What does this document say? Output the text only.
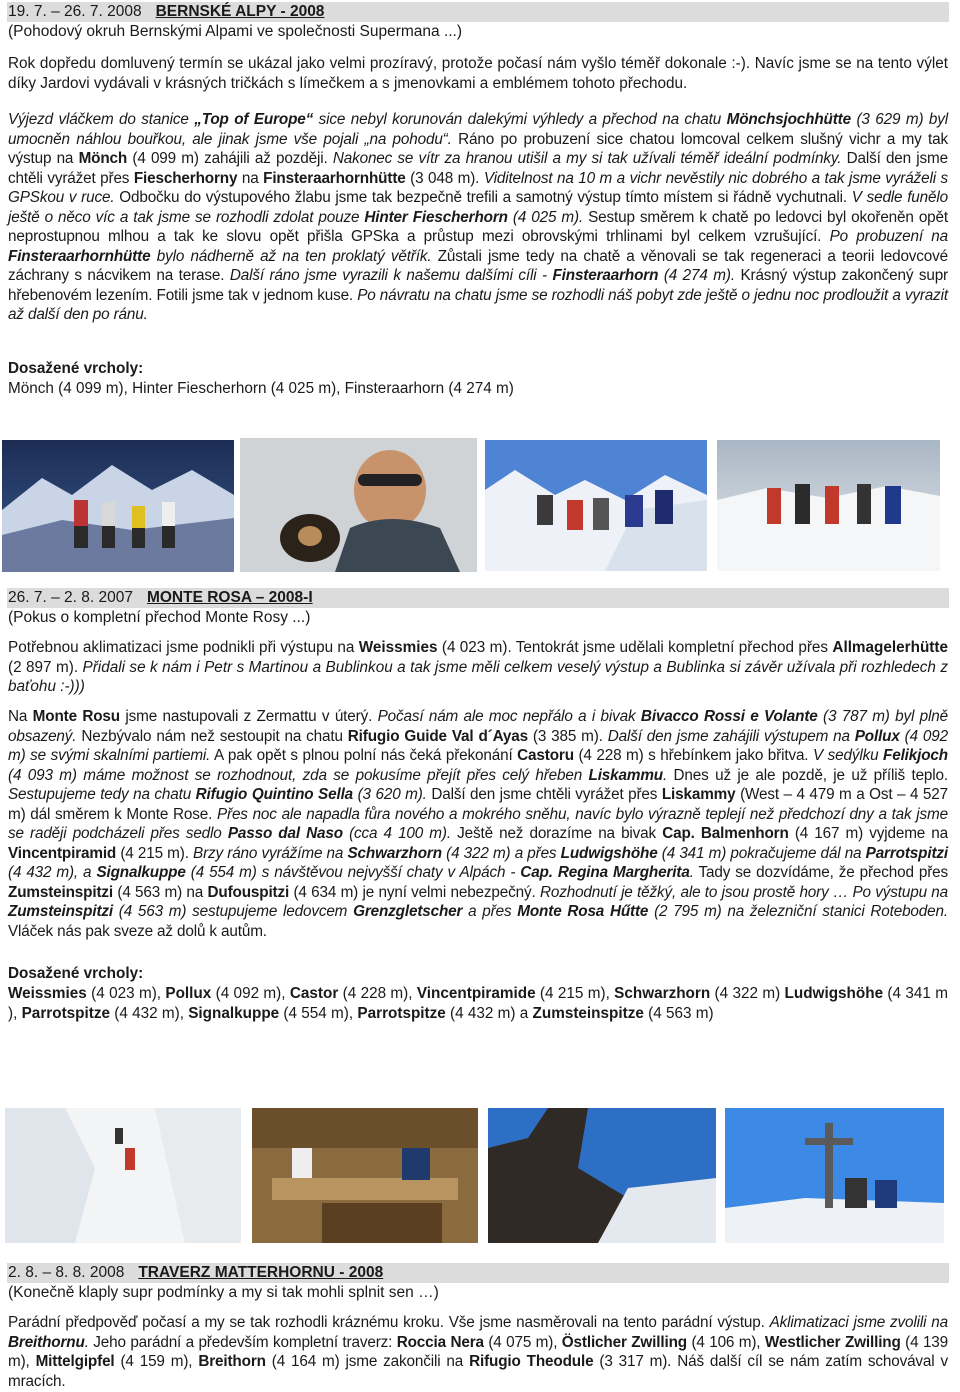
19. 7. – 26. 7. 2008 BERNSKÉ ALPY - 2008
(Pohodový okruh Bernskými Alpami ve společnosti Supermana ...)

Rok dopředu domluvený termín se ukázal jako velmi prozíravý, protože počasí nám vyšlo téměř dokonale :-). Navíc jsme se na tento výlet díky Jardovi vydávali v krásných tričkách s límečkem a s jmenovkami a emblémem tohoto přechodu.

Výjezd vláčkem do stanice „Top of Europe“ sice nebyl korunován dalekými výhledy a přechod na chatu Mönchsjochhütte (3 629 m) byl umocněn náhlou bouřkou, ale jinak jsme vše pojali „na pohodu“. Ráno po probuzení sice chatou lomcoval celkem slušný vichr a my tak výstup na Mönch (4 099 m) zahájili až později. Nakonec se vítr za hranou utišil a my si tak užívali téměř ideální podmínky. Další den jsme chtěli vyrážet přes Fiescherhorny na Finsteraarhornhütte (3 048 m). Viditelnost na 10 m a vichr nevěstily nic dobrého a tak jsme vyráželi s GPSkou v ruce. Odbočku do výstupového žlabu jsme tak bezpečně trefili a samotný výstup tímto místem si řádně vychutnali. V sedle funělo ještě o něco víc a tak jsme se rozhodli zdolat pouze Hinter Fiescherhorn (4 025 m). Sestup směrem k chatě po ledovci byl okořeněn opět neprostupnou mlhou a tak ke slovu opět přišla GPSka a průstup mezi obrovskými trhlinami byl celkem vzrušující. Po probuzení na Finsteraarhornhütte bylo nádherně až na ten proklatý větřík. Zůstali jsme tedy na chatě a věnovali se tak regeneraci a teorii ledovcové záchrany s nácvikem na terase. Další ráno jsme vyrazili k našemu dalšími cíli - Finsteraarhorn (4 274 m). Krásný výstup zakončený supr hřebenovém lezením. Fotili jsme tak v jednom kuse. Po návratu na chatu jsme se rozhodli náš pobyt zde ještě o jednu noc prodloužit a vyrazit až další den po ránu.

Dosažené vrcholy:
Mönch (4 099 m), Hinter Fiescherhorn (4 025 m), Finsteraarhorn (4 274 m)
26. 7. – 2. 8. 2007 MONTE ROSA – 2008-I
(Pokus o kompletní přechod Monte Rosy ...)

Potřebnou aklimatizaci jsme podnikli při výstupu na Weissmies (4 023 m). Tentokrát jsme udělali kompletní přechod přes Allmagelerhütte (2 897 m). Přidali se k nám i Petr s Martinou a Bublinkou a tak jsme měli celkem veselý výstup a Bublinka si závěr užívala při rozhledech z baťohu :-)))

Na Monte Rosu jsme nastupovali z Zermattu v úterý. Počasí nám ale moc nepřálo a i bivak Bivacco Rossi e Volante (3 787 m) byl plně obsazený. Nezbývalo nám než sestoupit na chatu Rifugio Guide Val d´Ayas (3 385 m). Další den jsme zahájili výstupem na Pollux (4 092 m) se svými skalními partiemi. A pak opět s plnou polní nás čeká překonání Castoru (4 228 m) s hřebínkem jako břitva. V sedýlku Felikjoch (4 093 m) máme možnost se rozhodnout, zda se pokusíme přejít přes celý hřeben Liskammu. Dnes už je ale pozdě, je už příliš teplo. Sestupujeme tedy na chatu Rifugio Quintino Sella (3 620 m). Další den jsme chtěli vyrážet přes Liskammy (West – 4 479 m a Ost – 4 527 m) dál směrem k Monte Rose. Přes noc ale napadla fůra nového a mokrého sněhu, navíc bylo výrazně teplejí než předchozí dny a tak jsme se raději podcházeli přes sedlo Passo dal Naso (cca 4 100 m). Ještě než dorazíme na bivak Cap. Balmenhorn (4 167 m) vyjdeme na Vincentpiramid (4 215 m). Brzy ráno vyrážíme na Schwarzhorn (4 322 m) a přes Ludwigshöhe (4 341 m) pokračujeme dál na Parrotspitzi (4 432 m), a Signalkuppe (4 554 m) s návštěvou nejvyšší chaty v Alpách - Cap. Regina Margherita. Tady se dozvídáme, že přechod přes Zumsteinspitzi (4 563 m) na Dufouspitzi (4 634 m) je nyní velmi nebezpečný. Rozhodnutí je těžký, ale to jsou prostě hory … Po výstupu na Zumsteinspitzi (4 563 m) sestupujeme ledovcem Grenzgletscher a přes Monte Rosa Hűtte (2 795 m) na železniční stanici Roteboden. Vláček nás pak sveze až dolů k autům.

Dosažené vrcholy:

Weissmies (4 023 m), Pollux (4 092 m), Castor (4 228 m), Vincentpiramide (4 215 m), Schwarzhorn (4 322 m) Ludwigshöhe (4 341 m ), Parrotspitze (4 432 m), Signalkuppe (4 554 m), Parrotspitze (4 432 m) a Zumsteinspitze (4 563 m)

2. 8. – 8. 8. 2008 TRAVERZ MATTERHORNU - 2008
(Konečně klaply supr podmínky a my si tak mohli splnit sen …)

Parádní předpověď počasí a my se tak rozhodli kráznému kroku. Vše jsme nasměrovali na tento parádní výstup. Aklimatizaci jsme zvolili na Breithornu. Jeho parádní a především kompletní traverz: Roccia Nera (4 075 m), Östlicher Zwilling (4 106 m), Westlicher Zwilling (4 139 m), Mittelgipfel (4 159 m), Breithorn (4 164 m) jsme zakončili na Rifugio Theodule (3 317 m). Náš další cíl se nám zatím schovával v mracích.
